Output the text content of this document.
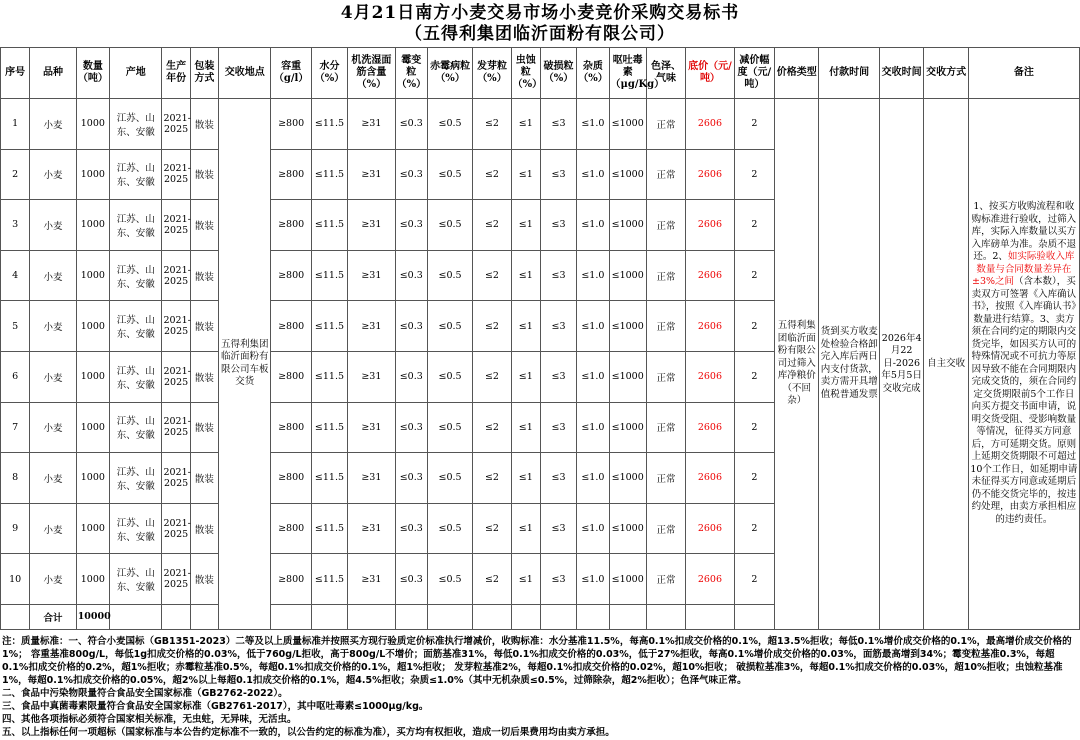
4月21日南方小麦交易市场小麦竞价采购交易标书
（五得利集团临沂面粉有限公司）
序号	品种	数量（吨）	产地	生产年份	包装方式	交收地点	容重（g/l）	水分（%）	机洗湿面筋含量（%）	霉变粒（%）	赤霉病粒（%）	发芽粒（%）	虫蚀粒（%）	破损粒（%）	杂质（%）	呕吐毒素（μg/Kg）	色泽、气味	底价（元/吨）	减价幅度（元/吨）	价格类型	付款时间	交收时间	交收方式	备注
1	小麦	1000	江苏、山东、安徽	2021-2025	散装	五得利集团临沂面粉有限公司车板交货	≥800	≤11.5	≥31	≤0.3	≤0.5	≤2	≤1	≤3	≤1.0	≤1000	正常	2606	2	五得利集团临沂面粉有限公司过筛入库净粮价（不回杂）	货到买方收麦处检验合格卸完入库后两日内支付货款，卖方需开具增值税普通发票	2026年4月22日-2026年5月5日交收完成	自主交收	1、按买方收购流程和收购标准进行验收，过筛入库，实际入库数量以买方入库磅单为准。杂质不退还。2、如实际验收入库数量与合同数量差异在±3%之间（含本数），买卖双方可签署《入库确认书》，按照《入库确认书》数量进行结算。3、卖方须在合同约定的期限内交货完毕，如因买方认可的特殊情况或不可抗力等原因导致不能在合同期限内完成交货的，须在合同约定交货期限前5个工作日向买方提交书面申请，说明交货受阻、受影响数量等情况，征得买方同意后，方可延期交货。原则上延期交货期限不可超过10个工作日，如延期申请未征得买方同意或延期后仍不能交货完毕的，按违约处理，由卖方承担相应的违约责任。
2	小麦	1000	江苏、山东、安徽	2021-2025	散装		≥800	≤11.5	≥31	≤0.3	≤0.5	≤2	≤1	≤3	≤1.0	≤1000	正常	2606	2					
3	小麦	1000	江苏、山东、安徽	2021-2025	散装		≥800	≤11.5	≥31	≤0.3	≤0.5	≤2	≤1	≤3	≤1.0	≤1000	正常	2606	2					
4	小麦	1000	江苏、山东、安徽	2021-2025	散装		≥800	≤11.5	≥31	≤0.3	≤0.5	≤2	≤1	≤3	≤1.0	≤1000	正常	2606	2					
5	小麦	1000	江苏、山东、安徽	2021-2025	散装		≥800	≤11.5	≥31	≤0.3	≤0.5	≤2	≤1	≤3	≤1.0	≤1000	正常	2606	2					
6	小麦	1000	江苏、山东、安徽	2021-2025	散装		≥800	≤11.5	≥31	≤0.3	≤0.5	≤2	≤1	≤3	≤1.0	≤1000	正常	2606	2					
7	小麦	1000	江苏、山东、安徽	2021-2025	散装		≥800	≤11.5	≥31	≤0.3	≤0.5	≤2	≤1	≤3	≤1.0	≤1000	正常	2606	2					
8	小麦	1000	江苏、山东、安徽	2021-2025	散装		≥800	≤11.5	≥31	≤0.3	≤0.5	≤2	≤1	≤3	≤1.0	≤1000	正常	2606	2					
9	小麦	1000	江苏、山东、安徽	2021-2025	散装		≥800	≤11.5	≥31	≤0.3	≤0.5	≤2	≤1	≤3	≤1.0	≤1000	正常	2606	2					
10	小麦	1000	江苏、山东、安徽	2021-2025	散装		≥800	≤11.5	≥31	≤0.3	≤0.5	≤2	≤1	≤3	≤1.0	≤1000	正常	2606	2					
	合计	10000																						
注：质量标准：一、符合小麦国标（GB1351-2023）二等及以上质量标准并按照买方现行验质定价标准执行增减价，收购标准：水分基准11.5%，每高0.1%扣成交价格的0.1%，超13.5%拒收；每低0.1%增价成交价格的0.1%，最高增价成交价格的1%； 容重基准800g/L，每低1g扣成交价格的0.03%，低于760g/L拒收，高于800g/L不增价；面筋基准31%，每低0.1%扣成交价格的0.03%，低于27%拒收，每高0.1%增价成交价格的0.03%，面筋最高增到34%；霉变粒基准0.3%，每超0.1%扣成交价格的0.2%，超1%拒收；赤霉粒基准0.5%，每超0.1%扣成交价格的0.1%，超1%拒收； 发芽粒基准2%，每超0.1%扣成交价格的0.02%，超10%拒收； 破损粒基准3%，每超0.1%扣成交价格的0.03%，超10%拒收；虫蚀粒基准1%，每超0.1%扣成交价格的0.05%，超2%以上每超0.1扣成交价格的0.1%，超4.5%拒收；杂质≤1.0%（其中无机杂质≤0.5%，过筛除杂，超2%拒收）；色泽气味正常。
二、食品中污染物限量符合食品安全国家标准（GB2762-2022）。
三、食品中真菌毒素限量符合食品安全国家标准（GB2761-2017），其中呕吐毒素≤1000μg/kg。
四、其他各项指标必须符合国家相关标准，无虫蛀，无异味，无活虫。
五、以上指标任何一项超标（国家标准与本公告约定标准不一致的，以公告约定的标准为准），买方均有权拒收，造成一切后果费用均由卖方承担。
